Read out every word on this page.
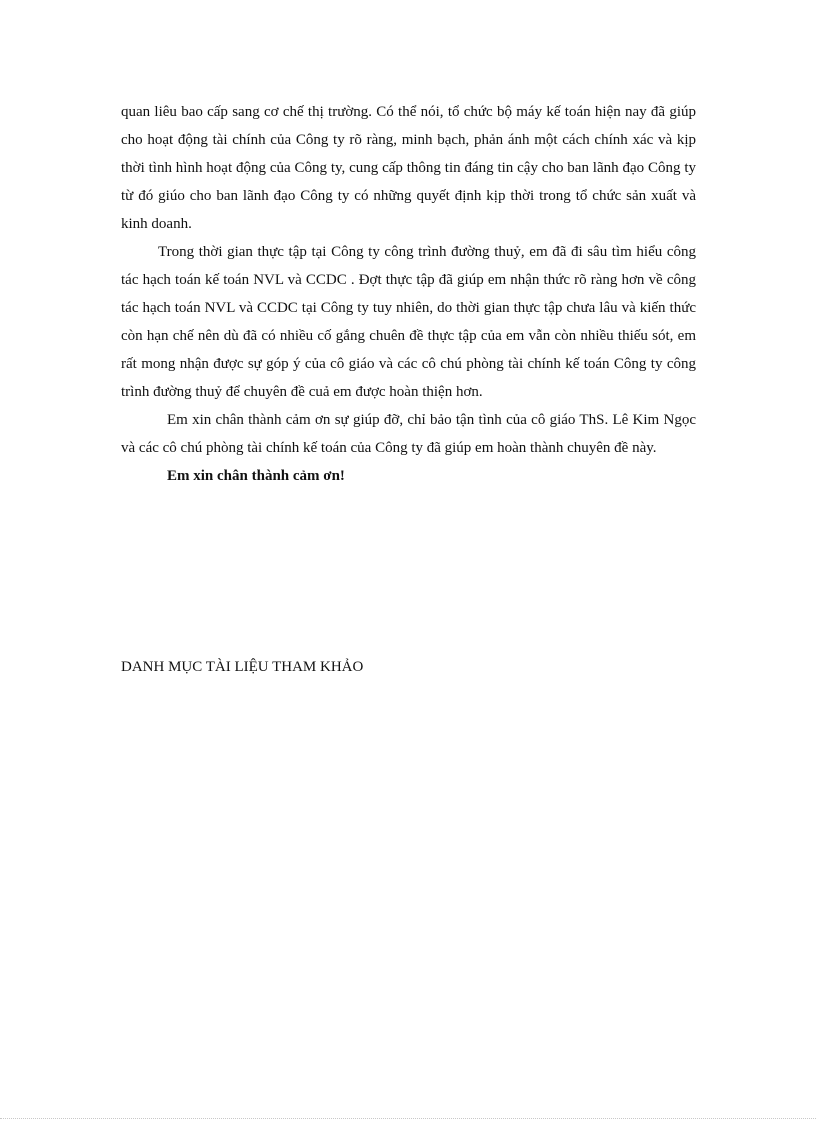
quan liêu bao cấp sang cơ chế thị trường. Có thể nói, tổ chức bộ máy kế toán hiện nay đã giúp cho hoạt động tài chính của Công ty rõ ràng, minh bạch, phản ánh một cách chính xác và kịp thời tình hình hoạt động của Công ty, cung cấp thông tin đáng tin cậy cho ban lãnh đạo Công ty từ đó giúo cho ban lãnh đạo Công ty có những quyết định kịp thời trong tổ chức sản xuất và kinh doanh.

Trong thời gian thực tập tại Công ty công trình đường thuỷ, em đã đi sâu tìm hiểu công tác hạch toán kế toán NVL và CCDC . Đợt thực tập đã giúp em nhận thức rõ ràng hơn về công tác hạch toán NVL và CCDC tại Công ty tuy nhiên, do thời gian thực tập chưa lâu và kiến thức còn hạn chế nên dù đã có nhiều cố gắng chuên đề thực tập của em vẫn còn nhiều thiếu sót, em rất mong nhận được sự góp ý của cô giáo và các cô chú phòng tài chính kế toán Công ty công trình đường thuỷ để chuyên đề cuả em được hoàn thiện hơn.

Em xin chân thành cảm ơn sự giúp đỡ, chỉ bảo tận tình của cô giáo ThS. Lê Kim Ngọc và các cô chú phòng tài chính kế toán của Công ty đã giúp em hoàn thành chuyên đề này.

Em xin chân thành cảm ơn!

DANH MỤC TÀI LIỆU THAM KHẢO
